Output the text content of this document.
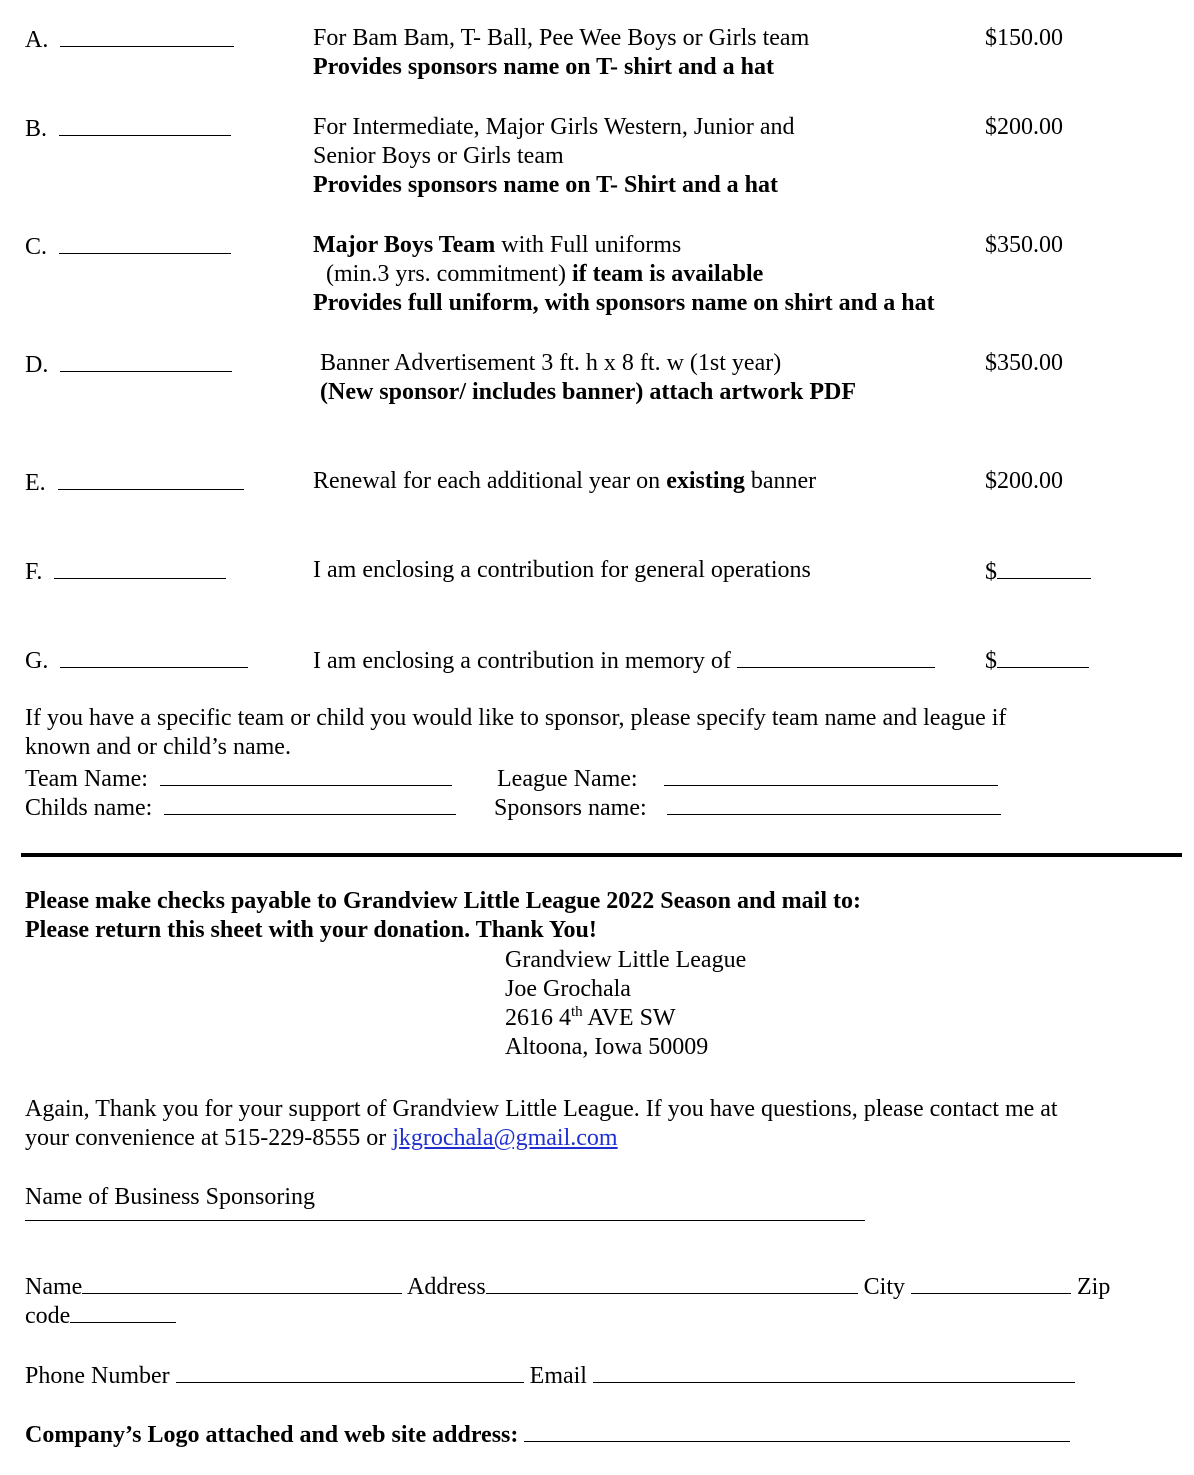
A.	For Bam Bam, T- Ball, Pee Wee Boys or Girls team
Provides sponsors name on T- shirt and a hat
$150.00
B.	For Intermediate, Major Girls Western, Junior and
Senior Boys or Girls team
Provides sponsors name on T- Shirt and a hat
$200.00
C.	Major Boys Team with Full uniforms
(min.3 yrs. commitment) if team is available
Provides full uniform, with sponsors name on shirt and a hat
$350.00
D.	Banner Advertisement 3 ft. h x 8 ft. w (1st year)
(New sponsor/ includes banner) attach artwork PDF
$350.00
E.	Renewal for each additional year on existing banner	$200.00
F.	I am enclosing a contribution for general operations	$
G.	I am enclosing a contribution in memory of	$
If you have a specific team or child you would like to sponsor, please specify team name and league if
known and or child’s name.
Team Name:	League Name:
Childs name:	Sponsors name:
Please make checks payable to Grandview Little League 2022 Season and mail to:
Please return this sheet with your donation. Thank You!
Grandview Little League
Joe Grochala
2616 4th AVE SW
Altoona, Iowa 50009
Again, Thank you for your support of Grandview Little League. If you have questions, please contact me at
your convenience at 515-229-8555 or jkgrochala@gmail.com
Name of Business Sponsoring
Name	Address	City	Zip
code
Phone Number	Email
Company’s Logo attached and web site address:
